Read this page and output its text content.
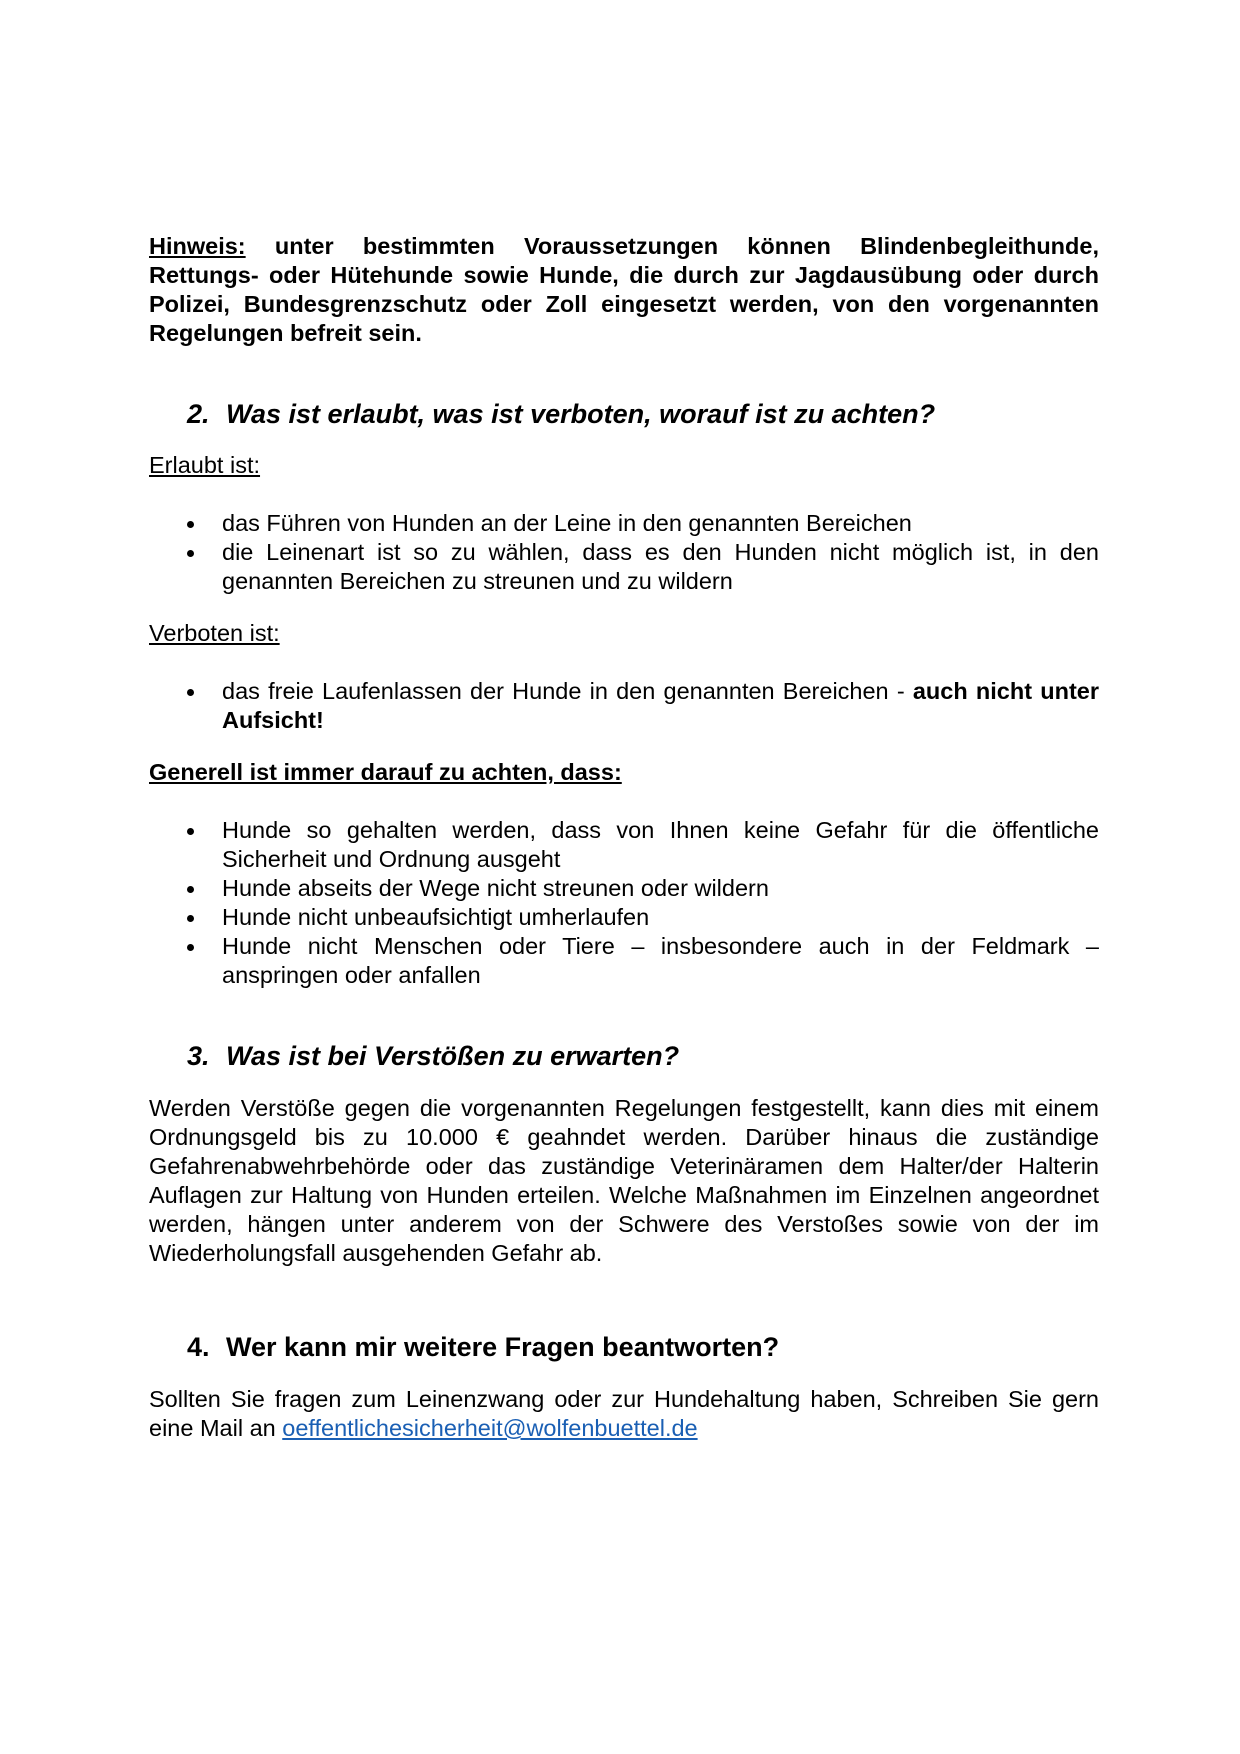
Hinweis: unter bestimmten Voraussetzungen können Blindenbegleithunde, Rettungs- oder Hütehunde sowie Hunde, die durch zur Jagdausübung oder durch Polizei, Bundesgrenzschutz oder Zoll eingesetzt werden, von den vorgenannten Regelungen befreit sein.

2. Was ist erlaubt, was ist verboten, worauf ist zu achten?

Erlaubt ist:

das Führen von Hunden an der Leine in den genannten Bereichen
die Leinenart ist so zu wählen, dass es den Hunden nicht möglich ist, in den genannten Bereichen zu streunen und zu wildern

Verboten ist:

das freie Laufenlassen der Hunde in den genannten Bereichen - auch nicht unter Aufsicht!

Generell ist immer darauf zu achten, dass:

Hunde so gehalten werden, dass von Ihnen keine Gefahr für die öffentliche Sicherheit und Ordnung ausgeht
Hunde abseits der Wege nicht streunen oder wildern
Hunde nicht unbeaufsichtigt umherlaufen
Hunde nicht Menschen oder Tiere – insbesondere auch in der Feldmark – anspringen oder anfallen
3. Was ist bei Verstößen zu erwarten?

Werden Verstöße gegen die vorgenannten Regelungen festgestellt, kann dies mit einem Ordnungsgeld bis zu 10.000 € geahndet werden. Darüber hinaus die zuständige Gefahrenabwehrbehörde oder das zuständige Veterinäramen dem Halter/der Halterin Auflagen zur Haltung von Hunden erteilen. Welche Maßnahmen im Einzelnen angeordnet werden, hängen unter anderem von der Schwere des Verstoßes sowie von der im Wiederholungsfall ausgehenden Gefahr ab.

4. Wer kann mir weitere Fragen beantworten?

Sollten Sie fragen zum Leinenzwang oder zur Hundehaltung haben, Schreiben Sie gern eine Mail an oeffentlichesicherheit@wolfenbuettel.de
